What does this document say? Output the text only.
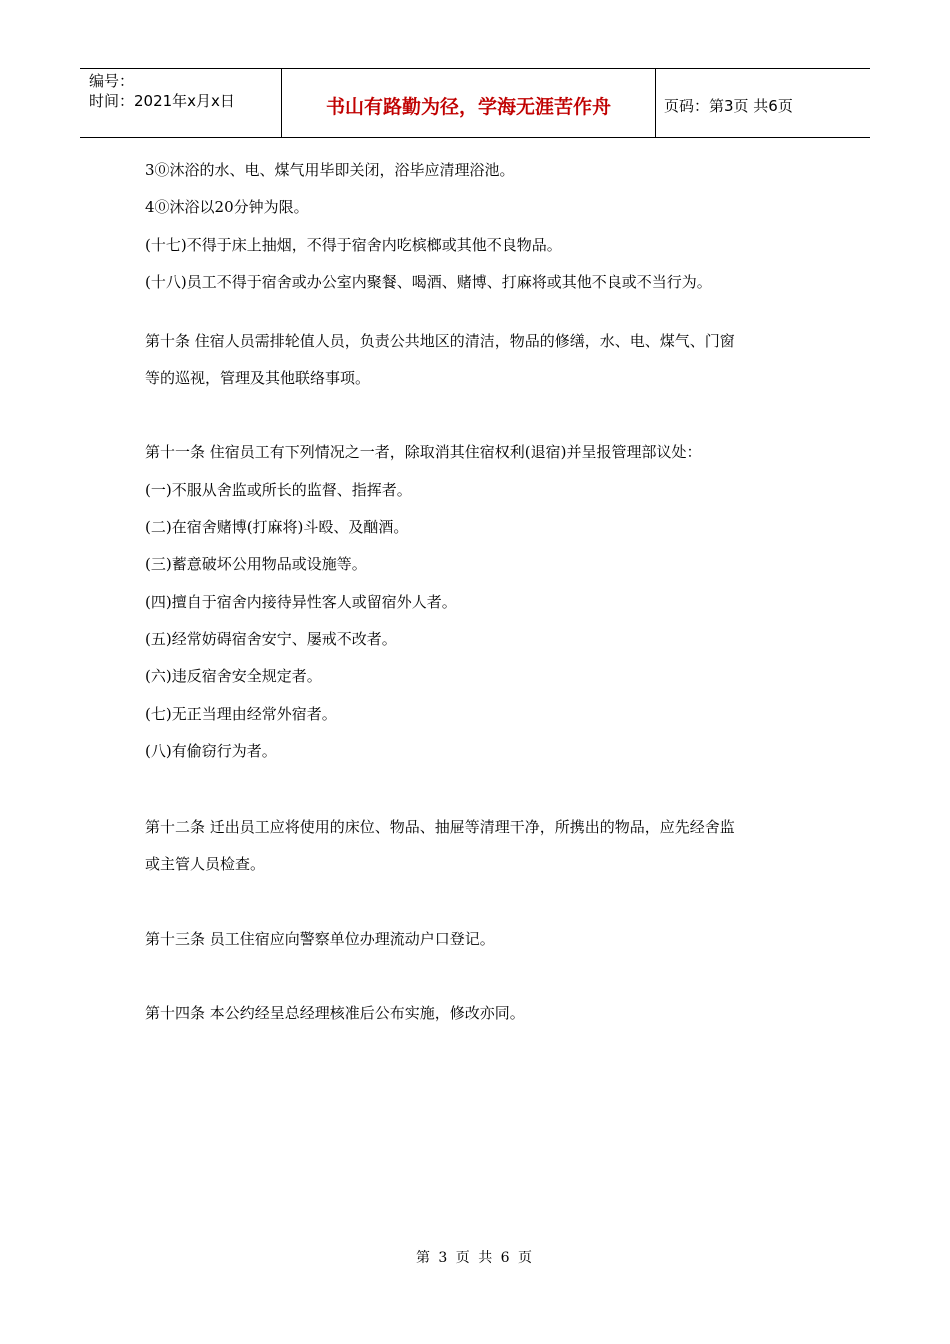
编号：
时间：2021年x月x日	书山有路勤为径，学海无涯苦作舟	页码：第3页 共6页
3⓪沐浴的水、电、煤气用毕即关闭，浴毕应清理浴池。
4⓪沐浴以20分钟为限。
(十七)不得于床上抽烟，不得于宿舍内吃槟榔或其他不良物品。
(十八)员工不得于宿舍或办公室内聚餐、喝酒、赌博、打麻将或其他不良或不当行为。
第十条 住宿人员需排轮值人员，负责公共地区的清洁，物品的修缮，水、电、煤气、门窗
等的巡视，管理及其他联络事项。
第十一条 住宿员工有下列情况之一者，除取消其住宿权利(退宿)并呈报管理部议处：
(一)不服从舍监或所长的监督、指挥者。
(二)在宿舍赌博(打麻将)斗殴、及酗酒。
(三)蓄意破坏公用物品或设施等。
(四)擅自于宿舍内接待异性客人或留宿外人者。
(五)经常妨碍宿舍安宁、屡戒不改者。
(六)违反宿舍安全规定者。
(七)无正当理由经常外宿者。
(八)有偷窃行为者。
第十二条 迁出员工应将使用的床位、物品、抽屉等清理干净，所携出的物品，应先经舍监
或主管人员检查。
第十三条 员工住宿应向警察单位办理流动户口登记。
第十四条 本公约经呈总经理核准后公布实施，修改亦同。
第 3 页 共 6 页
